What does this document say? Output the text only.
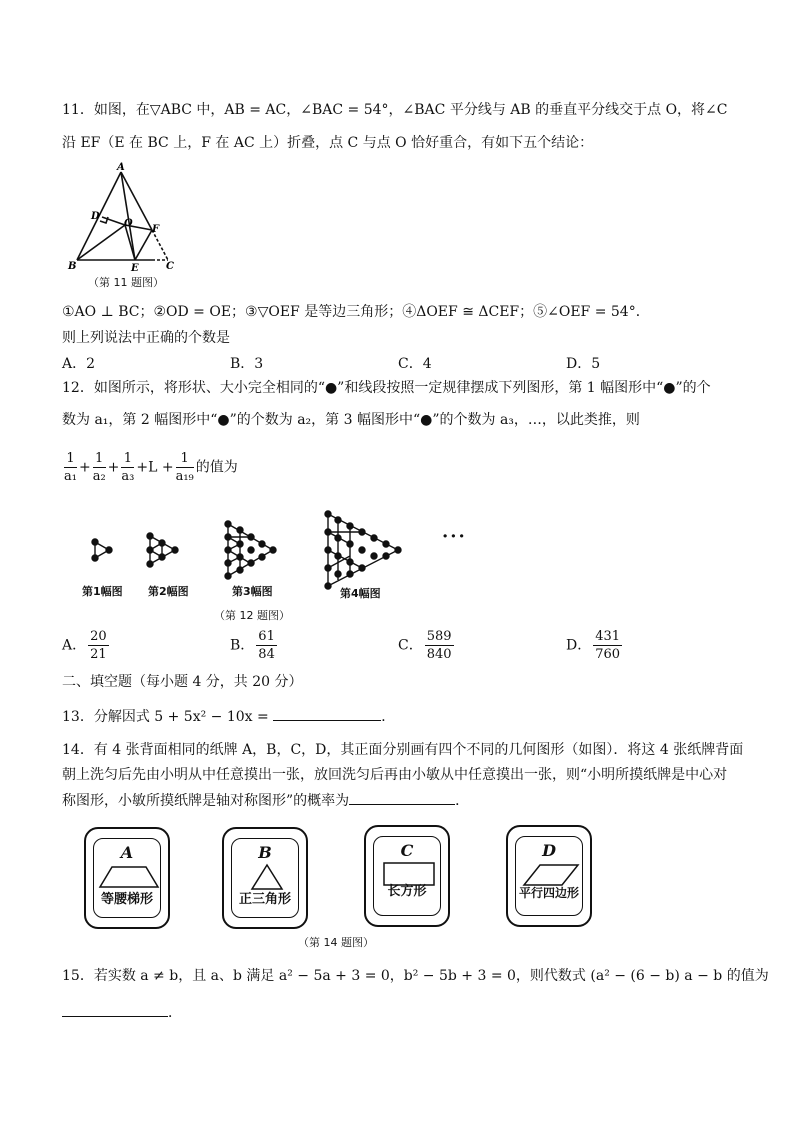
11．如图，在▽ABC 中，AB = AC，∠BAC = 54°，∠BAC 平分线与 AB 的垂直平分线交于点 O，将∠C
沿 EF（E 在 BC 上，F 在 AC 上）折叠，点 C 与点 O 恰好重合，有如下五个结论：
A
D
O
F
B	E	C
（第 11 题图）
①AO ⊥ BC；②OD = OE；③▽OEF 是等边三角形；④ΔOEF ≅ ΔCEF；⑤∠OEF = 54°．
则上列说法中正确的个数是
A．2	B．3	C．4	D．5
12．如图所示，将形状、大小完全相同的“●”和线段按照一定规律摆成下列图形，第 1 幅图形中“●”的个
数为 a₁，第 2 幅图形中“●”的个数为 a₂，第 3 幅图形中“●”的个数为 a₃，…，以此类推，则
$\frac{1}{\text{a₁}} + \frac{1}{\text{a₂}} + \frac{1}{\text{a₃}} +L + \frac{1}{\text{a₁₉}}$ 的值为
···
第1幅图 第2幅图	第3幅图	第4幅图
（第 12 题图）
A． $\frac{20}{21}$	B． $\frac{61}{84}$	C． $\frac{589}{840}$	D． $\frac{431}{760}$
二、填空题（每小题 4 分，共 20 分）
13．分解因式 5 + 5x² − 10x =	．
14．有 4 张背面相同的纸牌 A，B，C，D，其正面分别画有四个不同的几何图形（如图）．将这 4 张纸牌背面
朝上洗匀后先由小明从中任意摸出一张，放回洗匀后再由小敏从中任意摸出一张，则“小明所摸纸牌是中心对
称图形，小敏所摸纸牌是轴对称图形”的概率为	．
A
等腰梯形
B
正三角形
C
长方形
D
平行四边形
（第 14 题图）
15．若实数 a ≠ b，且 a、b 满足 a² − 5a + 3 = 0，b² − 5b + 3 = 0，则代数式 (a² − (6 − b) a − b 的值为
．
